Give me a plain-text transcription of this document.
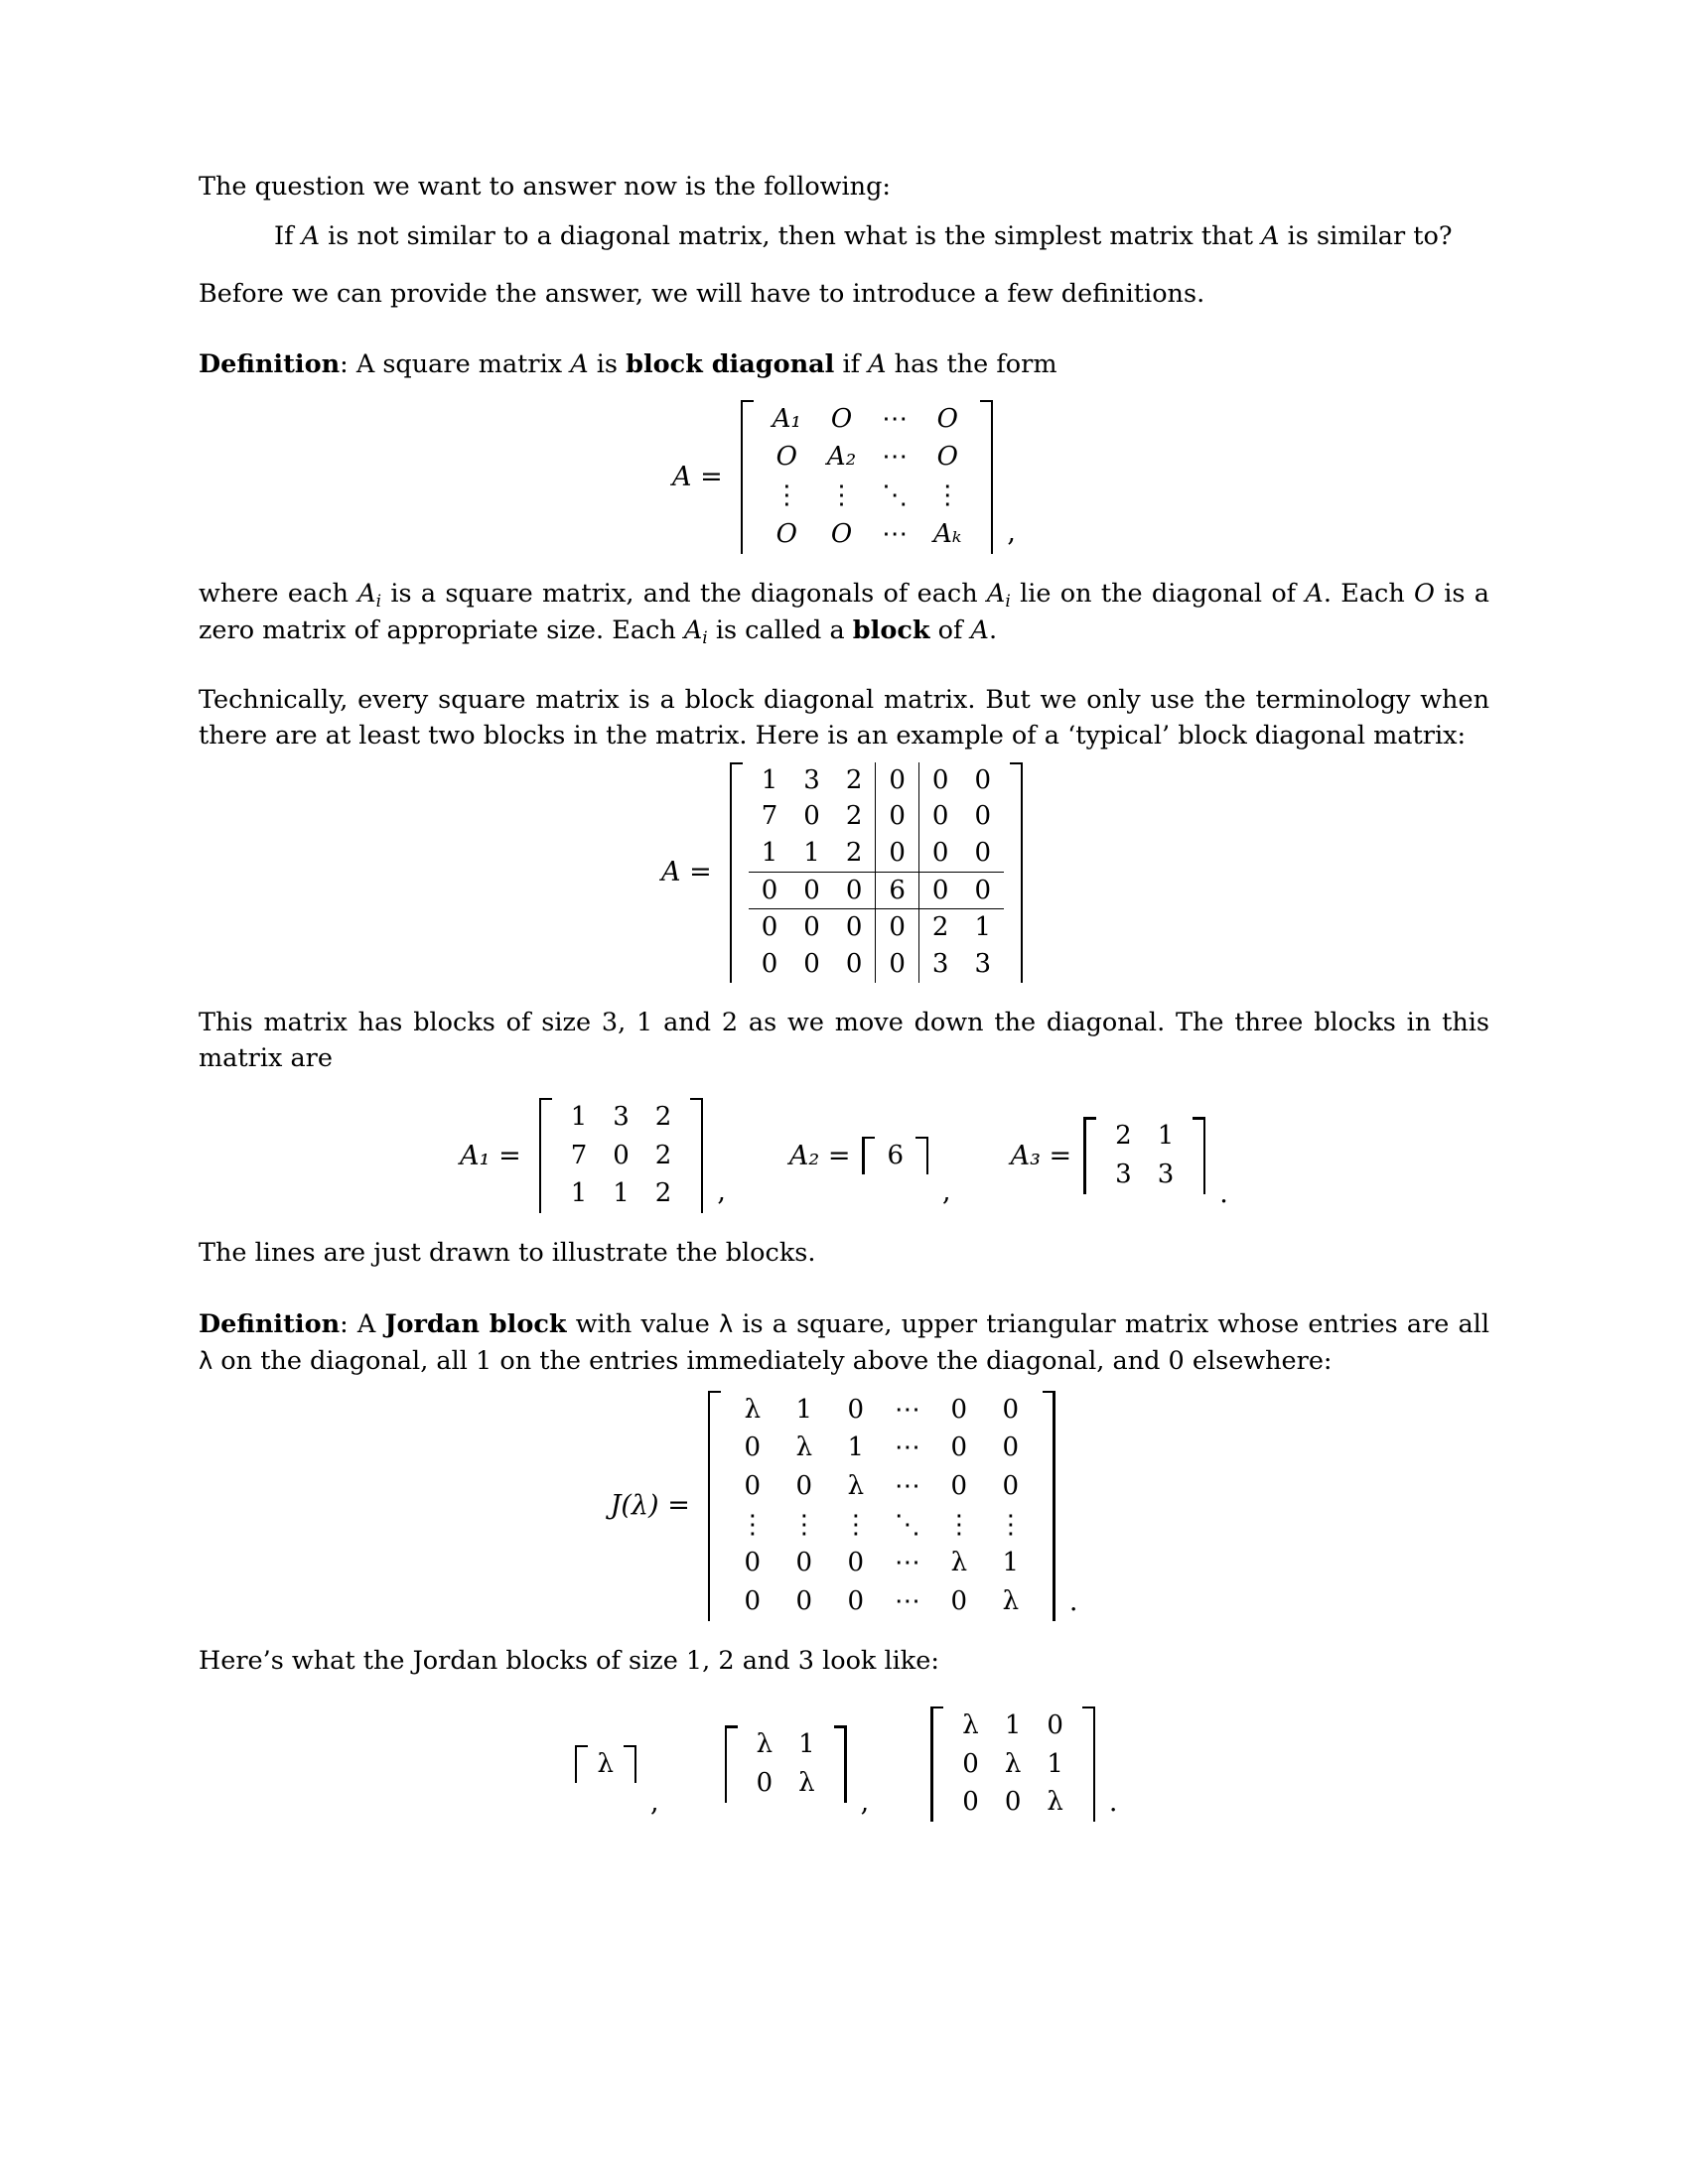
The question we want to answer now is the following:

If A is not similar to a diagonal matrix, then what is the simplest matrix that A is similar to?

Before we can provide the answer, we will have to introduce a few definitions.

Definition: A square matrix A is block diagonal if A has the form

A =
A₁	O	⋯	O
O	A₂	⋯	O
⋮	⋮	⋱	⋮
O	O	⋯	Aₖ ,

where each $A_i$ is a square matrix, and the diagonals of each $A_i$ lie on the diagonal of A. Each O is a zero matrix of appropriate size. Each $A_i$ is called a block of A.

Technically, every square matrix is a block diagonal matrix. But we only use the terminology when there are at least two blocks in the matrix. Here is an example of a ‘typical’ block diagonal matrix:

A =
1	3	2	0	0	0
7	0	2	0	0	0
1	1	2	0	0	0
0	0	0	6	0	0
0	0	0	0	2	1
0	0	0	0	3	3

This matrix has blocks of size 3, 1 and 2 as we move down the diagonal. The three blocks in this matrix are

A₁ =
1	3	2
7	0	2
1	1	2 ,
A₂ = 6
,
A₃ =
2	1
3	3
.

The lines are just drawn to illustrate the blocks.

Definition: A Jordan block with value λ is a square, upper triangular matrix whose entries are all λ on the diagonal, all 1 on the entries immediately above the diagonal, and 0 elsewhere:

J(λ) =
λ	1	0	⋯	0	0
0	λ	1	⋯	0	0
0	0	λ	⋯	0	0
⋮	⋮	⋮	⋱	⋮	⋮
0	0	0	⋯	λ	1
0	0	0	⋯	0	λ .

Here’s what the Jordan blocks of size 1, 2 and 3 look like:

λ
,
λ	1
0	λ
,
λ	1	0
0	λ	1
0	0	λ .
